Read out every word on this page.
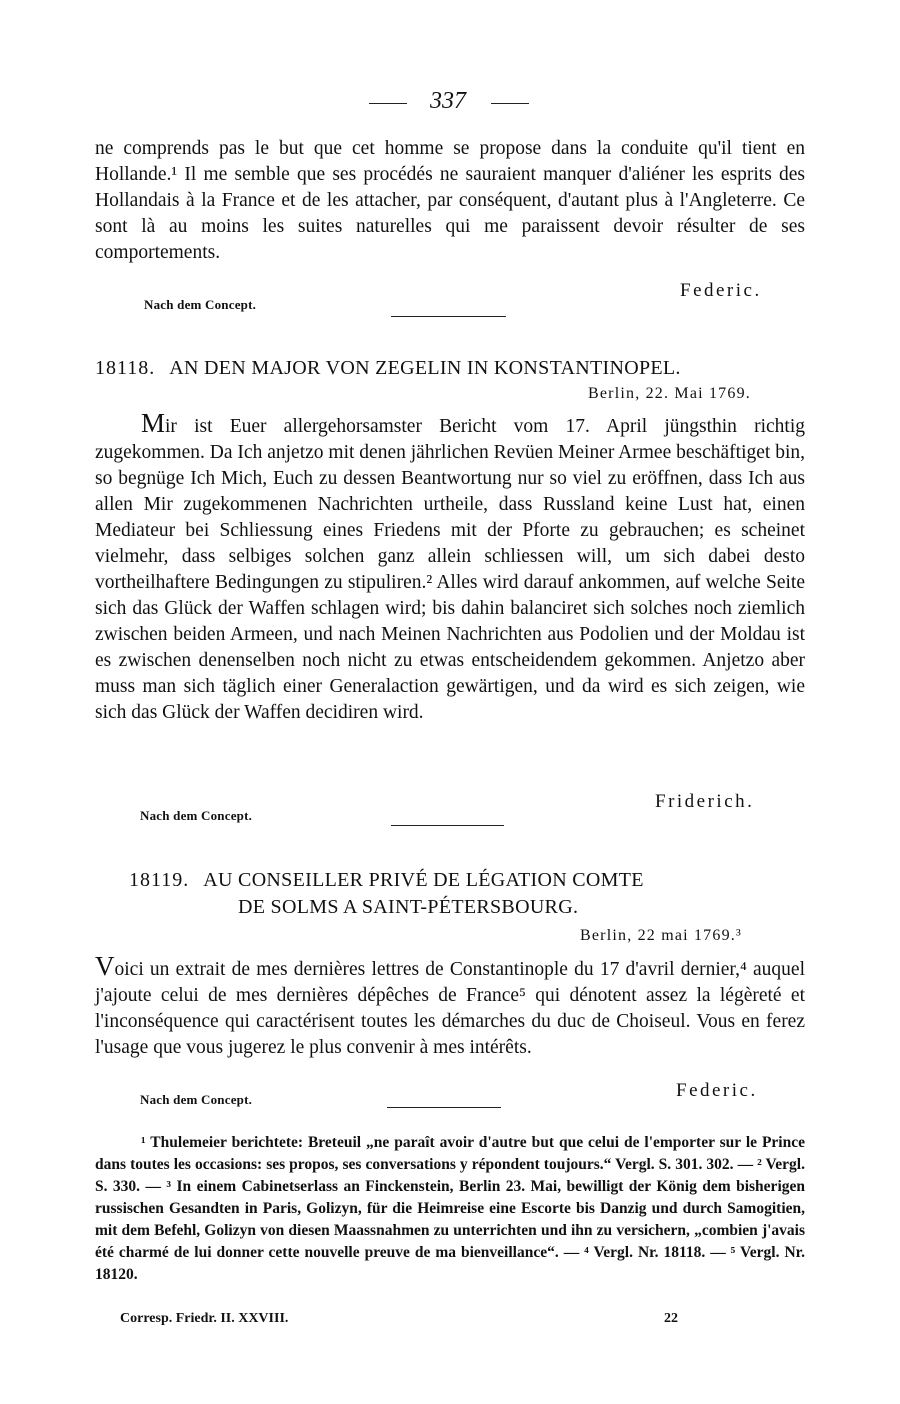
337

ne comprends pas le but que cet homme se propose dans la conduite qu'il tient en Hollande.¹ Il me semble que ses procédés ne sauraient manquer d'aliéner les esprits des Hollandais à la France et de les attacher, par conséquent, d'autant plus à l'Angleterre. Ce sont là au moins les suites naturelles qui me paraissent devoir résulter de ses comportements.

Federic.
Nach dem Concept.
18118. AN DEN MAJOR VON ZEGELIN IN KONSTANTINOPEL.
Berlin, 22. Mai 1769.

Mir ist Euer allergehorsamster Bericht vom 17. April jüngsthin richtig zugekommen. Da Ich anjetzo mit denen jährlichen Revüen Meiner Armee beschäftiget bin, so begnüge Ich Mich, Euch zu dessen Beantwortung nur so viel zu eröffnen, dass Ich aus allen Mir zugekommenen Nachrichten urtheile, dass Russland keine Lust hat, einen Mediateur bei Schliessung eines Friedens mit der Pforte zu gebrauchen; es scheinet vielmehr, dass selbiges solchen ganz allein schliessen will, um sich dabei desto vortheilhaftere Bedingungen zu stipuliren.² Alles wird darauf ankommen, auf welche Seite sich das Glück der Waffen schlagen wird; bis dahin balanciret sich solches noch ziemlich zwischen beiden Armeen, und nach Meinen Nachrichten aus Podolien und der Moldau ist es zwischen denenselben noch nicht zu etwas entscheidendem gekommen. Anjetzo aber muss man sich täglich einer Generalaction gewärtigen, und da wird es sich zeigen, wie sich das Glück der Waffen decidiren wird.

Friderich.
Nach dem Concept.
18119. AU CONSEILLER PRIVÉ DE LÉGATION COMTE
DE SOLMS A SAINT-PÉTERSBOURG.
Berlin, 22 mai 1769.³

Voici un extrait de mes dernières lettres de Constantinople du 17 d'avril dernier,⁴ auquel j'ajoute celui de mes dernières dépêches de France⁵ qui dénotent assez la légèreté et l'inconséquence qui caractérisent toutes les démarches du duc de Choiseul. Vous en ferez l'usage que vous jugerez le plus convenir à mes intérêts.

Federic.
Nach dem Concept.

¹ Thulemeier berichtete: Breteuil „ne paraît avoir d'autre but que celui de l'emporter sur le Prince dans toutes les occasions: ses propos, ses conversations y répondent toujours.“ Vergl. S. 301. 302. — ² Vergl. S. 330. — ³ In einem Cabinetserlass an Finckenstein, Berlin 23. Mai, bewilligt der König dem bisherigen russischen Gesandten in Paris, Golizyn, für die Heimreise eine Escorte bis Danzig und durch Samogitien, mit dem Befehl, Golizyn von diesen Maassnahmen zu unterrichten und ihn zu versichern, „combien j'avais été charmé de lui donner cette nouvelle preuve de ma bienveillance“. — ⁴ Vergl. Nr. 18118. — ⁵ Vergl. Nr. 18120.

Corresp. Friedr. II. XXVIII.	22
